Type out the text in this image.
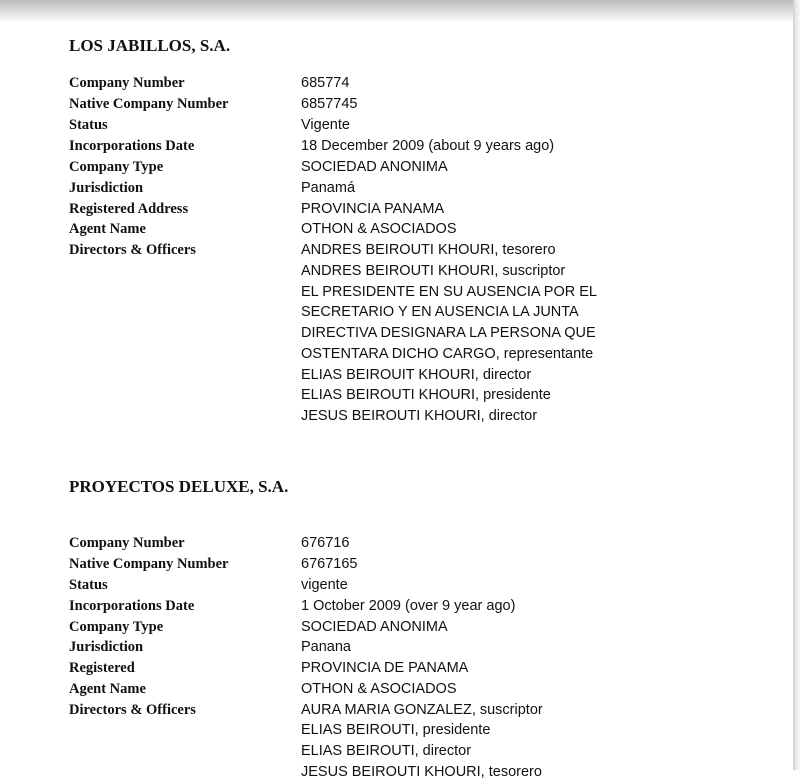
LOS JABILLOS, S.A.
Company Number	685774
Native Company Number	6857745
Status	Vigente
Incorporations Date	18 December 2009 (about 9 years ago)
Company Type	SOCIEDAD ANONIMA
Jurisdiction	Panamá
Registered Address	PROVINCIA PANAMA
Agent Name	OTHON & ASOCIADOS
Directors & Officers	ANDRES BEIROUTI KHOURI, tesorero
ANDRES BEIROUTI KHOURI, suscriptor
EL PRESIDENTE EN SU AUSENCIA POR EL
SECRETARIO Y EN AUSENCIA LA JUNTA
DIRECTIVA DESIGNARA LA PERSONA QUE
OSTENTARA DICHO CARGO, representante
ELIAS BEIROUIT KHOURI, director
ELIAS BEIROUTI KHOURI, presidente
JESUS BEIROUTI KHOURI, director
PROYECTOS DELUXE, S.A.
Company Number	676716
Native Company Number	6767165
Status	vigente
Incorporations Date	1 October 2009 (over 9 year ago)
Company Type	SOCIEDAD ANONIMA
Jurisdiction	Panana
Registered	PROVINCIA DE PANAMA
Agent Name	OTHON & ASOCIADOS
Directors & Officers	AURA MARIA GONZALEZ, suscriptor
ELIAS BEIROUTI, presidente
ELIAS BEIROUTI, director
JESUS BEIROUTI KHOURI, tesorero
